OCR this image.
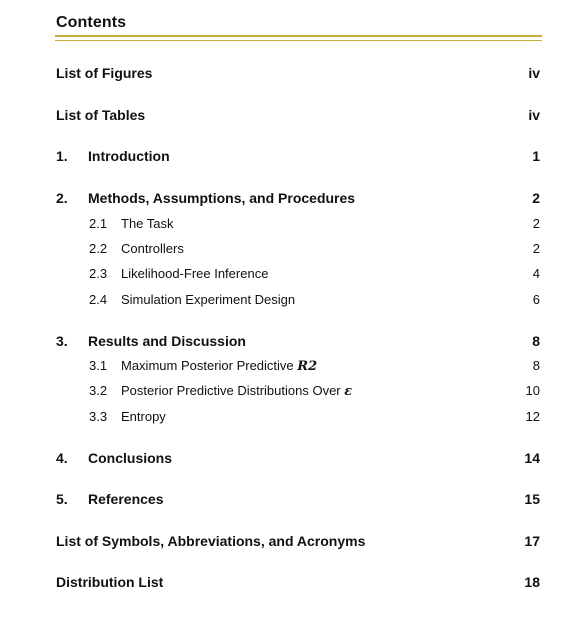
Contents
List of Figures	iv
List of Tables	iv
1. Introduction	1
2. Methods, Assumptions, and Procedures	2
2.1 The Task	2
2.2 Controllers	2
2.3 Likelihood-Free Inference	4
2.4 Simulation Experiment Design	6
3. Results and Discussion	8
3.1 Maximum Posterior Predictive R2	8
3.2 Posterior Predictive Distributions Over ε	10
3.3 Entropy	12
4. Conclusions	14
5. References	15
List of Symbols, Abbreviations, and Acronyms	17
Distribution List	18
